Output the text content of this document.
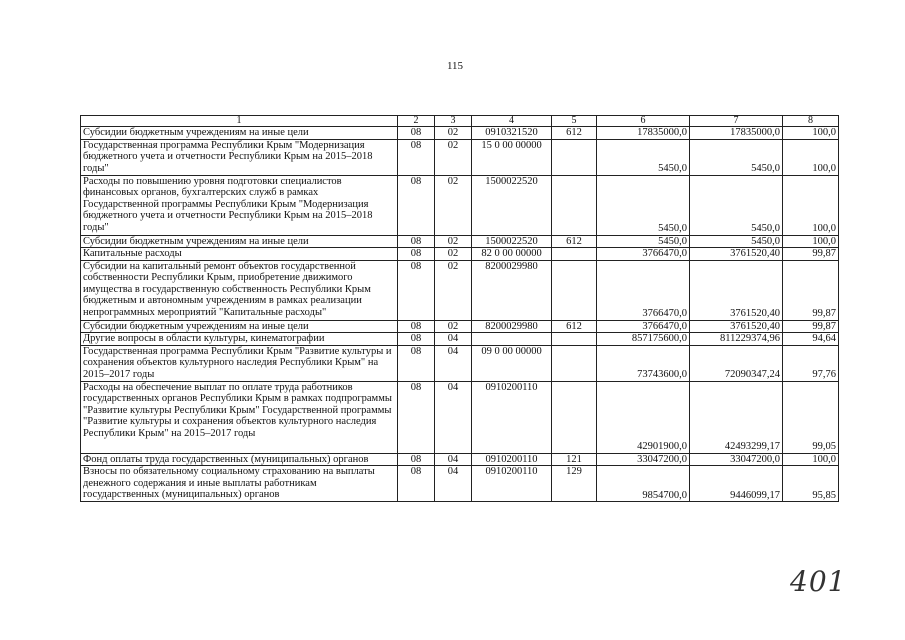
115
1	2	3	4	5	6	7	8
Субсидии бюджетным учреждениям на иные цели	08	02	0910321520	612	17835000,0	17835000,0	100,0
Государственная программа Республики Крым "Модернизация бюджетного учета и отчетности Республики Крым на 2015–2018 годы"	08	02	15 0 00 00000		5450,0	5450,0	100,0
Расходы по повышению уровня подготовки специалистов финансовых органов, бухгалтерских служб в рамках Государственной программы Республики Крым "Модернизация бюджетного учета и отчетности Республики Крым на 2015–2018 годы"	08	02	1500022520		5450,0	5450,0	100,0
Субсидии бюджетным учреждениям на иные цели	08	02	1500022520	612	5450,0	5450,0	100,0
Капитальные расходы	08	02	82 0 00 00000		3766470,0	3761520,40	99,87
Субсидии на капитальный ремонт объектов государственной собственности Республики Крым, приобретение движимого имущества в государственную собственность Республики Крым бюджетным и автономным учреждениям в рамках реализации непрограммных мероприятий "Капитальные расходы"	08	02	8200029980		3766470,0	3761520,40	99,87
Субсидии бюджетным учреждениям на иные цели	08	02	8200029980	612	3766470,0	3761520,40	99,87
Другие вопросы в области культуры, кинематографии	08	04			857175600,0	811229374,96	94,64
Государственная программа Республики Крым "Развитие культуры и сохранения объектов культурного наследия Республики Крым" на 2015–2017 годы	08	04	09 0 00 00000		73743600,0	72090347,24	97,76
Расходы на обеспечение выплат по оплате труда работников государственных органов Республики Крым в рамках подпрограммы "Развитие культуры Республики Крым" Государственной программы "Развитие культуры и сохранения объектов культурного наследия Республики Крым" на 2015–2017 годы	08	04	0910200110		42901900,0	42493299,17	99,05
Фонд оплаты труда государственных (муниципальных) органов	08	04	0910200110	121	33047200,0	33047200,0	100,0
Взносы по обязательному социальному страхованию на выплаты денежного содержания и иные выплаты работникам государственных (муниципальных) органов	08	04	0910200110	129	9854700,0	9446099,17	95,85
401
